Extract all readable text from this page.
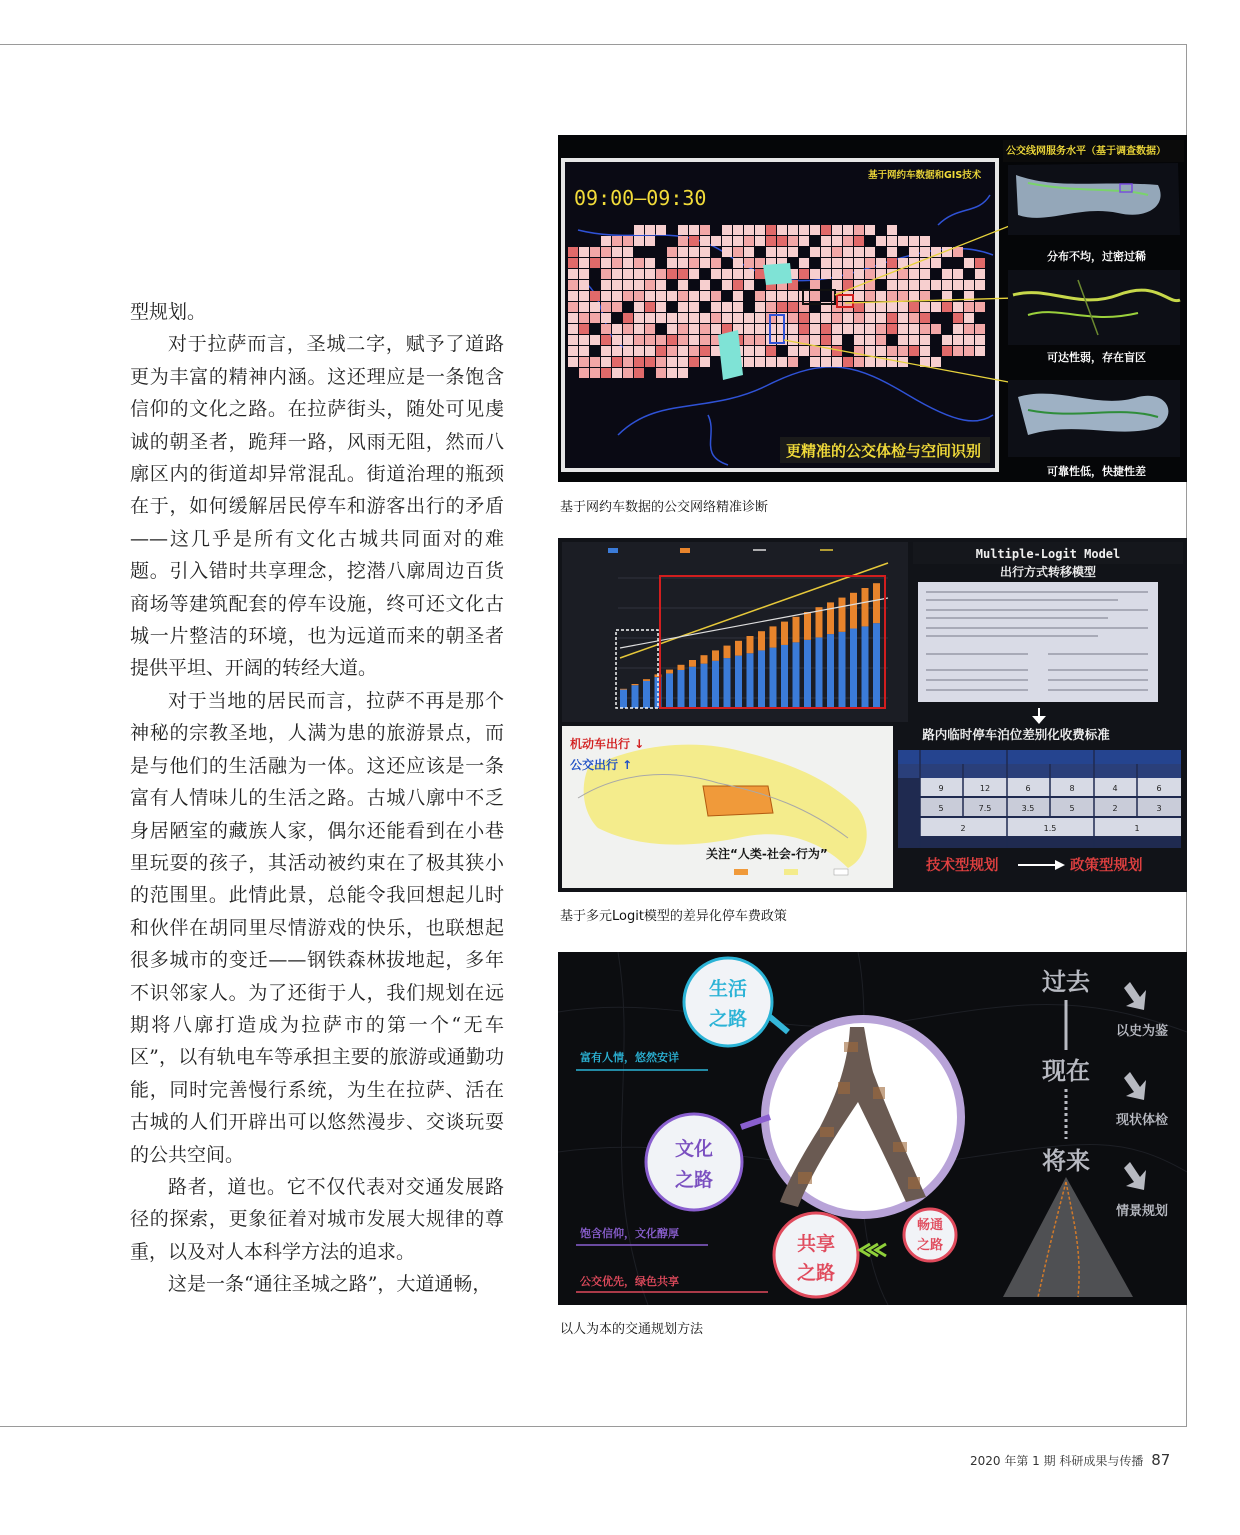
型规划。

对于拉萨而言，圣城二字，赋予了道路更为丰富的精神内涵。这还理应是一条饱含信仰的文化之路。在拉萨街头，随处可见虔诚的朝圣者，跪拜一路，风雨无阻，然而八廓区内的街道却异常混乱。街道治理的瓶颈在于，如何缓解居民停车和游客出行的矛盾——这几乎是所有文化古城共同面对的难题。引入错时共享理念，挖潜八廓周边百货商场等建筑配套的停车设施，终可还文化古城一片整洁的环境，也为远道而来的朝圣者提供平坦、开阔的转经大道。

对于当地的居民而言，拉萨不再是那个神秘的宗教圣地，人满为患的旅游景点，而是与他们的生活融为一体。这还应该是一条富有人情味儿的生活之路。古城八廓中不乏身居陋室的藏族人家，偶尔还能看到在小巷里玩耍的孩子，其活动被约束在了极其狭小的范围里。此情此景，总能令我回想起儿时和伙伴在胡同里尽情游戏的快乐，也联想起很多城市的变迁——钢铁森林拔地起，多年不识邻家人。为了还街于人，我们规划在远期将八廓打造成为拉萨市的第一个“无车区”，以有轨电车等承担主要的旅游或通勤功能，同时完善慢行系统，为生在拉萨、活在古城的人们开辟出可以悠然漫步、交谈玩耍的公共空间。

路者，道也。它不仅代表对交通发展路径的探索，更象征着对城市发展大规律的尊重，以及对人本科学方法的追求。

这是一条“通往圣城之路”，大道通畅，

09:00—09:30
基于网约车数据和GIS技术
更精准的公交体检与空间识别
公交线网服务水平（基于调查数据）
分布不均，过密过稀
可达性弱，存在盲区
可靠性低，快捷性差
基于网约车数据的公交网络精准诊断
Multiple-Logit Model
出行方式转移模型
路内临时停车泊位差别化收费标准
9	12	6	8	4	6
5	7.5	3.5	5	2	3
2	1.5	1
机动车出行 ↓
公交出行 ↑
关注“人类-社会-行为”
技术型规划	政策型规划
基于多元Logit模型的差异化停车费政策
生活
之路
文化
之路
共享
之路
畅通
之路
富有人情，悠然安详
饱含信仰，文化醇厚
公交优先，绿色共享
过去
现在
将来
以史为鉴
现状体检
情景规划
以人为本的交通规划方法
2020 年第 1 期 科研成果与传播 87
